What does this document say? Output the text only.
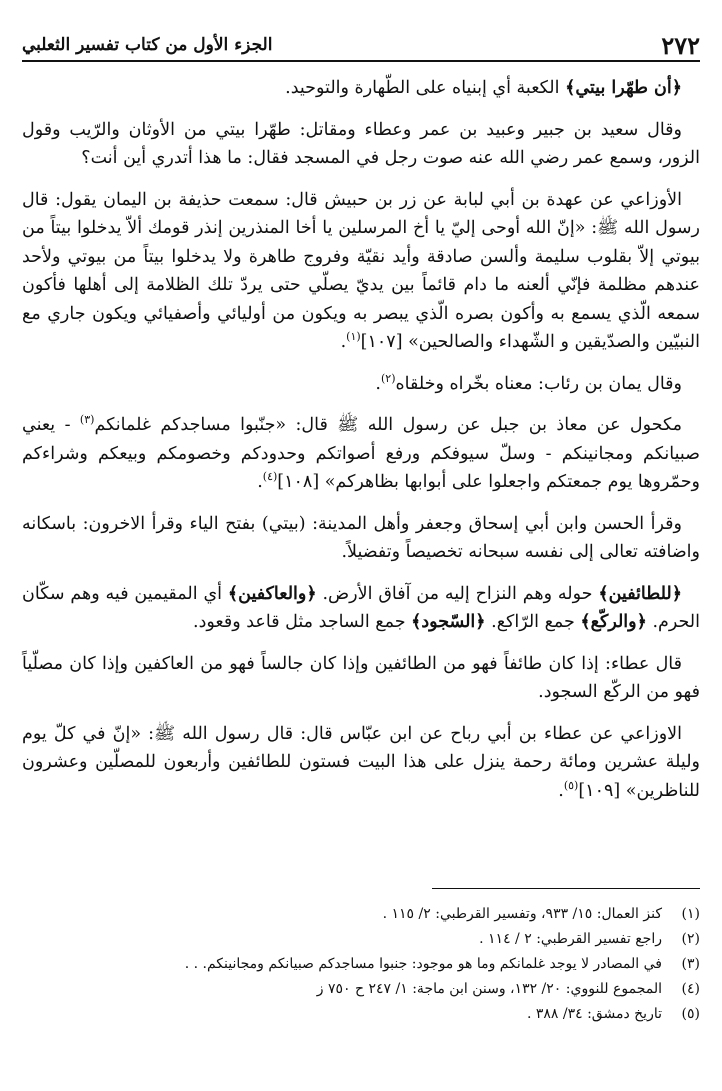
٢٧٢
الجزء الأول من كتاب تفسير الثعلبي

﴿أن طهّرا بيتي﴾ الكعبة أي إبنياه على الطّهارة والتوحيد.

وقال سعيد بن جبير وعبيد بن عمر وعطاء ومقاتل: طهّرا بيتي من الأوثان والرّيب وقول الزور، وسمع عمر رضي الله عنه صوت رجل في المسجد فقال: ما هذا أتدري أين أنت؟

الأوزاعي عن عهدة بن أبي لبابة عن زر بن حبيش قال: سمعت حذيفة بن اليمان يقول: قال رسول الله ﷺ: «إنّ الله أوحى إليّ يا أخ المرسلين يا أخا المنذرين إنذر قومك ألاّ يدخلوا بيتاً من بيوتي إلاّ بقلوب سليمة وألسن صادقة وأيد نقيّة وفروج طاهرة ولا يدخلوا بيتاً من بيوتي ولأحد عندهم مظلمة فإنّي ألعنه ما دام قائماً بين يديّ يصلّي حتى يردّ تلك الظلامة إلى أهلها فأكون سمعه الّذي يسمع به وأكون بصره الّذي يبصر به ويكون من أوليائي وأصفيائي ويكون جاري مع النبيّين والصدّيقين و الشّهداء والصالحين» [١٠٧]$^{(١)}$.

وقال يمان بن رئاب: معناه بخّراه وخلقاه$^{(٢)}$.

مكحول عن معاذ بن جبل عن رسول الله ﷺ قال: «جنّبوا مساجدكم غلمانكم$^{(٣)}$ - يعني صبيانكم ومجانينكم - وسلّ سيوفكم ورفع أصواتكم وحدودكم وخصومكم وبيعكم وشراءكم وحمّروها يوم جمعتكم واجعلوا على أبوابها بظاهركم» [١٠٨]$^{(٤)}$.

وقرأ الحسن وابن أبي إسحاق وجعفر وأهل المدينة: (بيتي) بفتح الياء وقرأ الاخرون: باسكانه واضافته تعالى إلى نفسه سبحانه تخصيصاً وتفضيلاً.

﴿للطائفين﴾ حوله وهم النزاح إليه من آفاق الأرض. ﴿والعاكفين﴾ أي المقيمين فيه وهم سكّان الحرم. ﴿والركّع﴾ جمع الرّاكع. ﴿السّجود﴾ جمع الساجد مثل قاعد وقعود.

قال عطاء: إذا كان طائفاً فهو من الطائفين وإذا كان جالساً فهو من العاكفين وإذا كان مصلّياً فهو من الركّع السجود.

الاوزاعي عن عطاء بن أبي رباح عن ابن عبّاس قال: قال رسول الله ﷺ: «إنّ في كلّ يوم وليلة عشرين ومائة رحمة ينزل على هذا البيت فستون للطائفين وأربعون للمصلّين وعشرون للناظرين» [١٠٩]$^{(٥)}$.

(١)
كنز العمال: ١٥/ ٩٣٣، وتفسير القرطبي: ٢/ ١١٥ .
(٢)
راجع تفسير القرطبي: ٢ / ١١٤ .
(٣)
في المصادر لا يوجد غلمانكم وما هو موجود: جنبوا مساجدكم صبيانكم ومجانينكم. . .
(٤)
المجموع للنووي: ٢٠/ ١٣٢، وسنن ابن ماجة: ١/ ٢٤٧ ح ٧٥٠ ز
(٥)
تاريخ دمشق: ٣٤/ ٣٨٨ .
